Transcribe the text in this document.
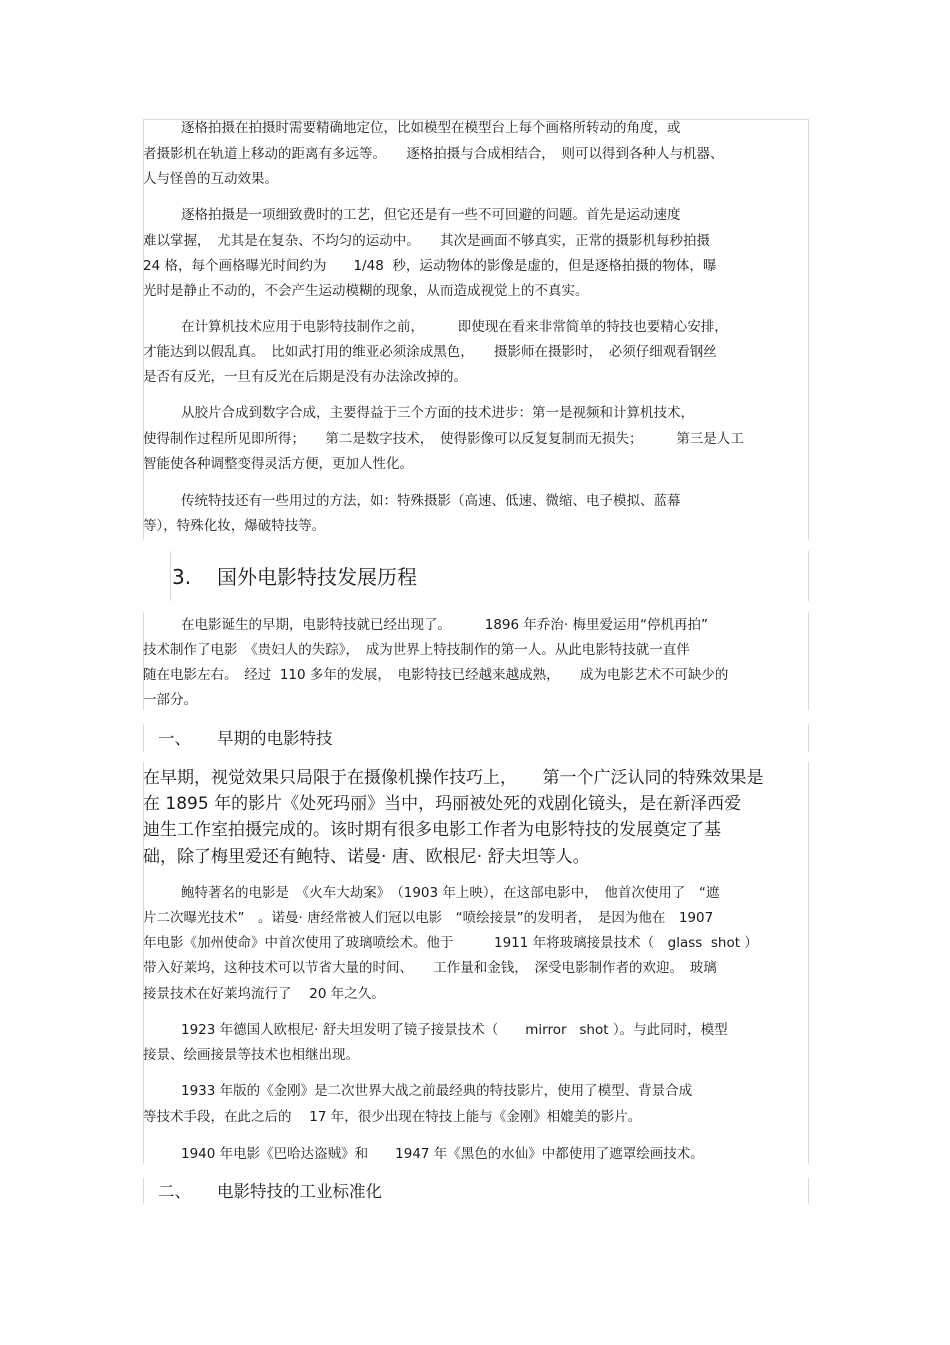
逐格拍摄在拍摄时需要精确地定位，比如模型在模型台上每个画格所转动的角度，或
者摄影机在轨道上移动的距离有多远等。　　逐格拍摄与合成相结合，　则可以得到各种人与机器、
人与怪兽的互动效果。
逐格拍摄是一项细致费时的工艺，但它还是有一些不可回避的问题。首先是运动速度
难以掌握，　尤其是在复杂、不均匀的运动中。　　其次是画面不够真实，正常的摄影机每秒拍摄
24 格，每个画格曝光时间约为　　1/48  秒，运动物体的影像是虚的，但是逐格拍摄的物体，曝
光时是静止不动的，不会产生运动模糊的现象，从而造成视觉上的不真实。
在计算机技术应用于电影特技制作之前，　　　即使现在看来非常简单的特技也要精心安排，
才能达到以假乱真。　比如武打用的维亚必须涂成黑色，　　摄影师在摄影时，　必须仔细观看钢丝
是否有反光，一旦有反光在后期是没有办法涂改掉的。
从胶片合成到数字合成，主要得益于三个方面的技术进步：第一是视频和计算机技术，
使得制作过程所见即所得；　　第二是数字技术，　使得影像可以反复复制而无损失；　　　第三是人工
智能使各种调整变得灵活方便，更加人性化。
传统特技还有一些用过的方法，如：特殊摄影（高速、低速、微缩、电子模拟、蓝幕
等），特殊化妆，爆破特技等。
3. 国外电影特技发展历程
在电影诞生的早期，电影特技就已经出现了。　　　1896 年乔治· 梅里爱运用“停机再拍”
技术制作了电影　《贵妇人的失踪》，　成为世界上特技制作的第一人。从此电影特技就一直伴
随在电影左右。　经过  110 多年的发展，　电影特技已经越来越成熟，　　成为电影艺术不可缺少的
一部分。
一、 早期的电影特技
在早期，视觉效果只局限于在摄像机操作技巧上，　　第一个广泛认同的特殊效果是
在 1895 年的影片《处死玛丽》当中，玛丽被处死的戏剧化镜头，是在新泽西爱
迪生工作室拍摄完成的。该时期有很多电影工作者为电影特技的发展奠定了基
础，除了梅里爱还有鲍特、诺曼· 唐、欧根尼· 舒夫坦等人。
鲍特著名的电影是　《火车大劫案》　（1903 年上映），在这部电影中，　他首次使用了　“遮
片二次曝光技术”　。诺曼· 唐经常被人们冠以电影　“喷绘接景”的发明者，　是因为他在　1907
年电影《加州使命》中首次使用了玻璃喷绘术。他于　　　1911 年将玻璃接景技术（　glass  shot ）
带入好莱坞，这种技术可以节省大量的时间、　　工作量和金钱，　深受电影制作者的欢迎。　玻璃
接景技术在好莱坞流行了　 20 年之久。
1923 年德国人欧根尼· 舒夫坦发明了镜子接景技术（　　mirror   shot ）。与此同时，模型
接景、绘画接景等技术也相继出现。
1933 年版的《金刚》是二次世界大战之前最经典的特技影片，使用了模型、背景合成
等技术手段，在此之后的　 17 年，很少出现在特技上能与《金刚》相媲美的影片。
1940 年电影《巴哈达盗贼》和　　1947 年《黑色的水仙》中都使用了遮罩绘画技术。
二、 电影特技的工业标准化
